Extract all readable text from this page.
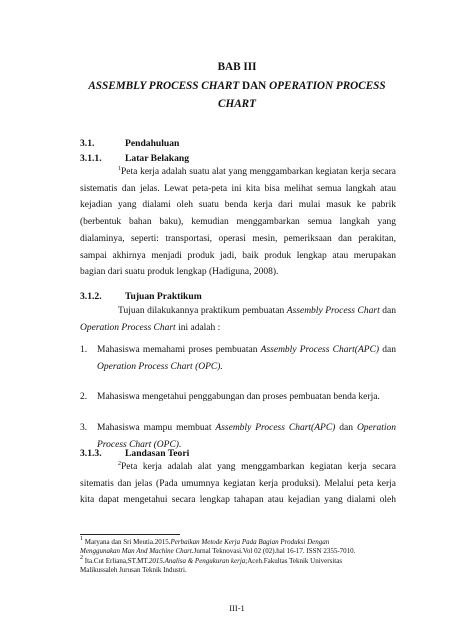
BAB III
ASSEMBLY PROCESS CHART DAN OPERATION PROCESS
CHART
3.1.	Pendahuluan
3.1.1. Latar Belakang
$^1$Peta kerja adalah suatu alat yang menggambarkan kegiatan kerja secara
sistematis dan jelas. Lewat peta-peta ini kita bisa melihat semua langkah atau
kejadian yang dialami oleh suatu benda kerja dari mulai masuk ke pabrik
(berbentuk bahan baku), kemudian menggambarkan semua langkah yang
dialaminya, seperti: transportasi, operasi mesin, pemeriksaan dan perakitan,
sampai akhirnya menjadi produk jadi, baik produk lengkap atau merupakan
bagian dari suatu produk lengkap (Hadiguna, 2008).
3.1.2. Tujuan Praktikum
Tujuan dilakukannya praktikum pembuatan Assembly Process Chart dan
Operation Process Chart ini adalah :
1. Mahasiswa memahami proses pembuatan Assembly Process Chart(APC) dan
Operation Process Chart (OPC).
2. Mahasiswa mengetahui penggabungan dan proses pembuatan benda kerja.
3. Mahasiswa mampu membuat Assembly Process Chart(APC) dan Operation
Process Chart (OPC).
3.1.3. Landasan Teori
$^2$Peta kerja adalah alat yang menggambarkan kegiatan kerja secara
sitematis dan jelas (Pada umumnya kegiatan kerja produksi). Melalui peta kerja
kita dapat mengetahui secara lengkap tahapan atau kejadian yang dialami oleh
$^1$ Maryana dan Sri Meutia.2015.Perbaikan Metode Kerja Pada Bagian Produksi Dengan
Menggunakan Man And Machine Chart.Jurnal Teknovasi.Vol 02 (02).hal 16-17. ISSN 2355-7010.
$^2$ Ita.Cut Erliana,ST.MT.2015.Analisa & Pengukuran kerja;Aceh.Fakultas Teknik Universitas
Malikussaleh Jurusan Teknik Industri.
III-1
